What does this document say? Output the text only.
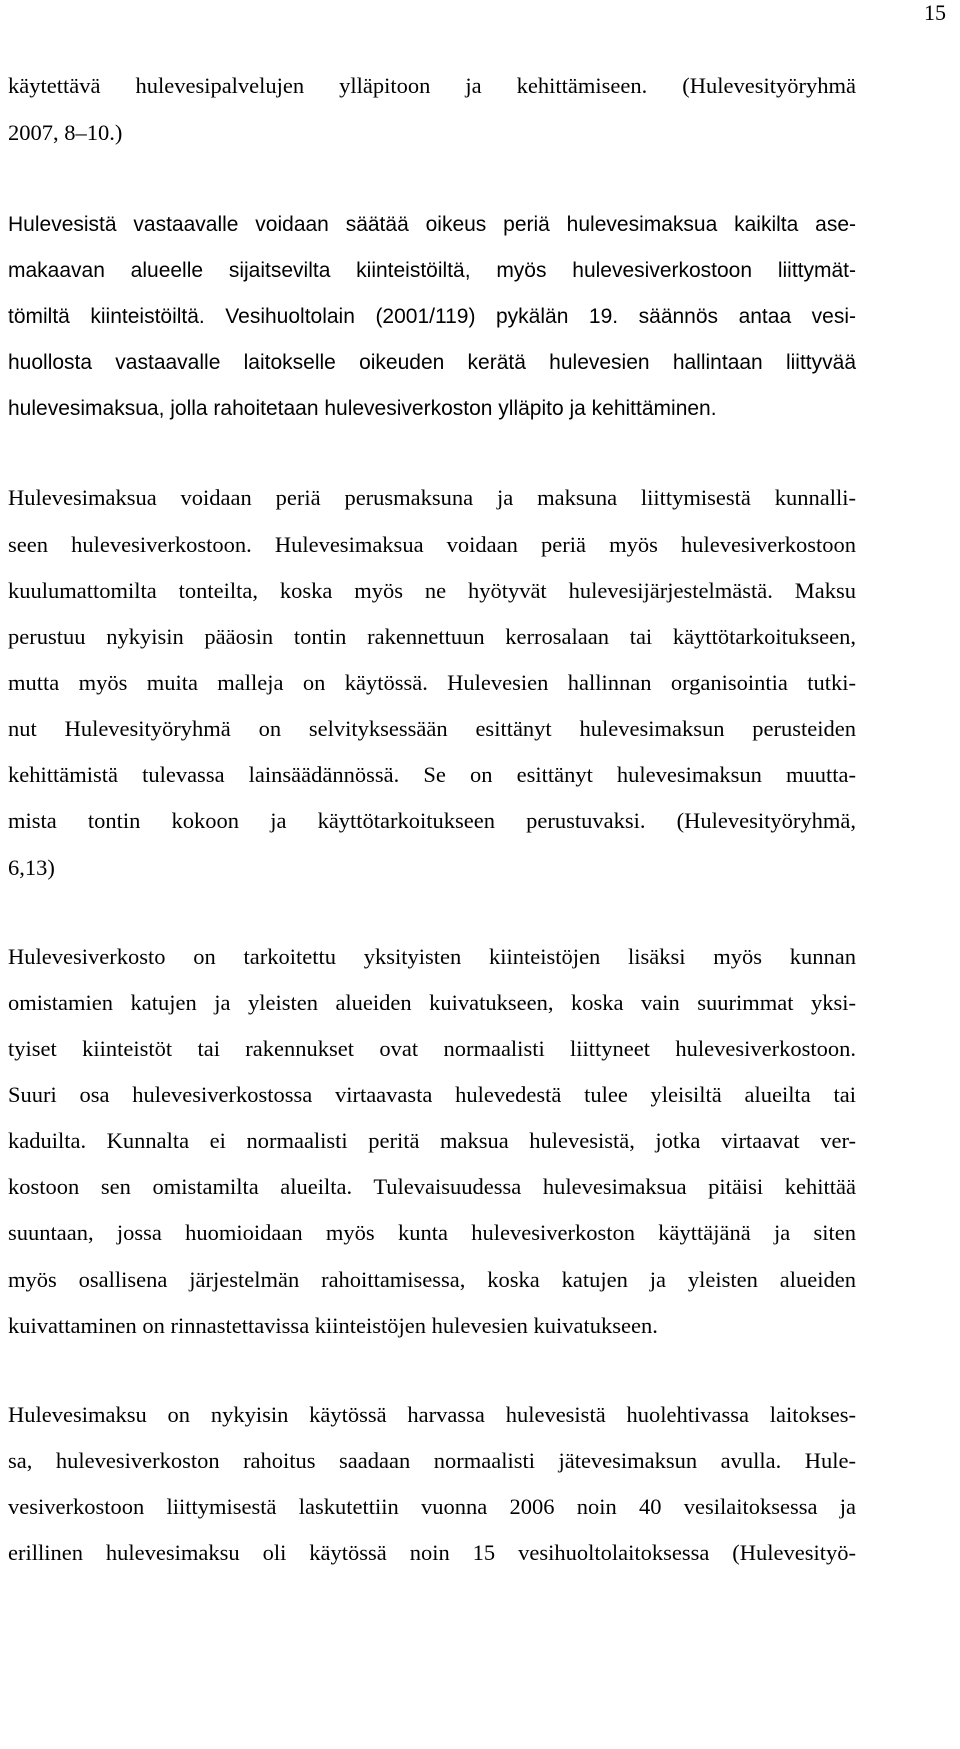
15
käytettävä hulevesipalvelujen ylläpitoon ja kehittämiseen. (Hulevesityöryhmä
2007, 8–10.)
Hulevesistä vastaavalle voidaan säätää oikeus periä hulevesimaksua kaikilta ase-
makaavan alueelle sijaitsevilta kiinteistöiltä, myös hulevesiverkostoon liittymät-
tömiltä kiinteistöiltä. Vesihuoltolain (2001/119) pykälän 19. säännös antaa vesi-
huollosta vastaavalle laitokselle oikeuden kerätä hulevesien hallintaan liittyvää
hulevesimaksua, jolla rahoitetaan hulevesiverkoston ylläpito ja kehittäminen.
Hulevesimaksua voidaan periä perusmaksuna ja maksuna liittymisestä kunnalli-
seen hulevesiverkostoon. Hulevesimaksua voidaan periä myös hulevesiverkostoon
kuulumattomilta tonteilta, koska myös ne hyötyvät hulevesijärjestelmästä. Maksu
perustuu nykyisin pääosin tontin rakennettuun kerrosalaan tai käyttötarkoitukseen,
mutta myös muita malleja on käytössä. Hulevesien hallinnan organisointia tutki-
nut Hulevesityöryhmä on selvityksessään esittänyt hulevesimaksun perusteiden
kehittämistä tulevassa lainsäädännössä. Se on esittänyt hulevesimaksun muutta-
mista tontin kokoon ja käyttötarkoitukseen perustuvaksi. (Hulevesityöryhmä,
6,13)
Hulevesiverkosto on tarkoitettu yksityisten kiinteistöjen lisäksi myös kunnan
omistamien katujen ja yleisten alueiden kuivatukseen, koska vain suurimmat yksi-
tyiset kiinteistöt tai rakennukset ovat normaalisti liittyneet hulevesiverkostoon.
Suuri osa hulevesiverkostossa virtaavasta hulevedestä tulee yleisiltä alueilta tai
kaduilta. Kunnalta ei normaalisti peritä maksua hulevesistä, jotka virtaavat ver-
kostoon sen omistamilta alueilta. Tulevaisuudessa hulevesimaksua pitäisi kehittää
suuntaan, jossa huomioidaan myös kunta hulevesiverkoston käyttäjänä ja siten
myös osallisena järjestelmän rahoittamisessa, koska katujen ja yleisten alueiden
kuivattaminen on rinnastettavissa kiinteistöjen hulevesien kuivatukseen.
Hulevesimaksu on nykyisin käytössä harvassa hulevesistä huolehtivassa laitokses-
sa, hulevesiverkoston rahoitus saadaan normaalisti jätevesimaksun avulla. Hule-
vesiverkostoon liittymisestä laskutettiin vuonna 2006 noin 40 vesilaitoksessa ja
erillinen hulevesimaksu oli käytössä noin 15 vesihuoltolaitoksessa (Hulevesityö-
